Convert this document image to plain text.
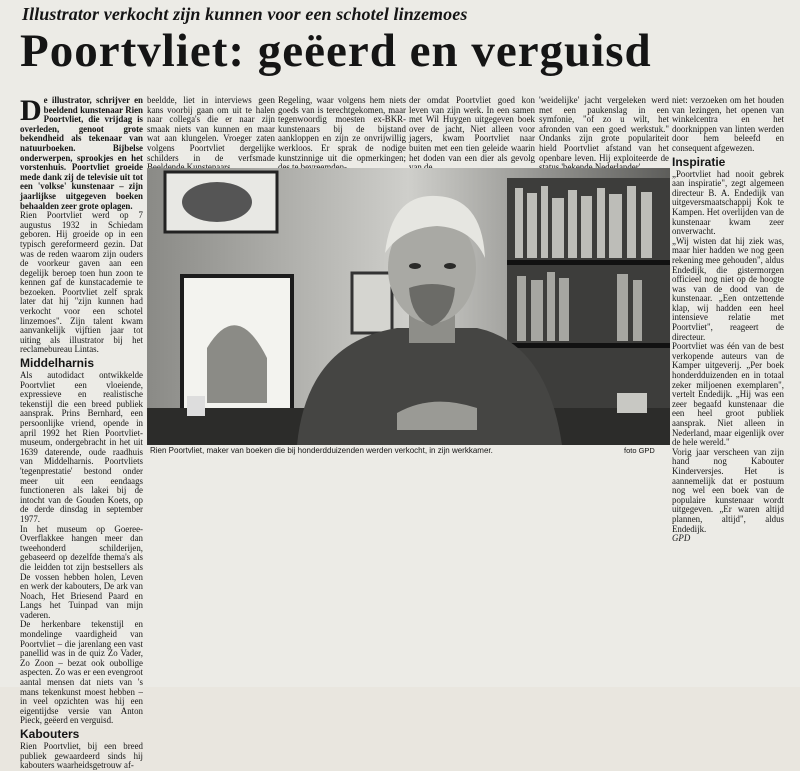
Illustrator verkocht zijn kunnen voor een schotel linzemoes
Poortvliet: geëerd en verguisd

De illustrator, schrijver en beeldend kunstenaar Rien Poortvliet, die vrijdag is overleden, genoot grote bekendheid als tekenaar van natuurboeken. Bijbelse onderwerpen, sprookjes en het vorstenhuis. Poortvliet groeide mede dank zij de televisie uit tot een 'volkse' kunstenaar – zijn jaarlijkse uitgegeven boeken behaalden zeer grote oplagen.

Rien Poortvliet werd op 7 augustus 1932 in Schiedam geboren. Hij groeide op in een typisch gereformeerd gezin. Dat was de reden waarom zijn ouders de voorkeur gaven aan een degelijk beroep toen hun zoon te kennen gaf de kunstacademie te bezoeken. Poortvliet zelf sprak later dat hij "zijn kunnen had verkocht voor een schotel linzemoes". Zijn talent kwam aanvankelijk vijftien jaar tot uiting als illustrator bij het reclamebureau Lintas.

Middelharnis

Als autodidact ontwikkelde Poortvliet een vloeiende, expressieve en realistische tekenstijl die een breed publiek aansprak. Prins Bernhard, een persoonlijke vriend, opende in april 1992 het Rien Poortvliet-museum, ondergebracht in het uit 1639 daterende, oude raadhuis van Middelharnis. Poortvliets 'tegenprestatie' bestond onder meer uit een eendaags functioneren als lakei bij de intocht van de Gouden Koets, op de derde dinsdag in september 1977.

In het museum op Goeree-Overflakkee hangen meer dan tweehonderd schilderijen, gebaseerd op dezelfde thema's als die leidden tot zijn bestsellers als De vossen hebben holen, Leven en werk der kabouters, De ark van Noach, Het Briesend Paard en Langs het Tuinpad van mijn vaderen.

De herkenbare tekenstijl en mondelinge vaardigheid van Poortvliet – die jarenlang een vast panellid was in de quiz Zo Vader, Zo Zoon – bezat ook oubollige aspecten. Zo was er een evengroot aantal mensen dat niets van 's mans tekenkunst moest hebben – in veel opzichten was hij een eigentijdse versie van Anton Pieck, geëerd en verguisd.

Kabouters

Rien Poortvliet, bij een breed publiek gewaardeerd sinds hij kabouters waarheidsgetrouw af-

beeldde, liet in interviews geen kans voorbij gaan om uit te halen naar collega's die er naar zijn smaak niets van kunnen en maar wat aan klungelen. Vroeger zaten volgens Poortvliet dergelijke schilders in de verfsmade

Regeling, waar volgens hem niets goeds van is terechtgekomen, maar tegenwoordig moesten ex-BKR-kunstenaars bij de bijstand aankloppen en zijn ze onvrijwillig werkloos. Er sprak de nodige kunstzinnige uit die opmerkingen;

der omdat Poortvliet goed kon leven van zijn werk. In een samen met Wil Huygen uitgegeven boek over de jacht, Niet alleen voor jagers, kwam Poortvliet naar buiten met een tien geleide waarin het doden van een dier als gevolg

'weidelijke' jacht vergeleken werd met een paukenslag in een symfonie, "of zo u wilt, het afronden van een goed werkstuk." Ondanks zijn grote populariteit hield Poortvliet afstand van het openbare leven. Hij exploiteerde de

niet: verzoeken om het houden van lezingen, het openen van winkelcentra en het doorknippen van linten werden door hem beleefd en consequent afgewezen.

Inspiratie

„Poortvliet had nooit gebrek aan inspiratie", zegt algemeen directeur B. A. Endedijk van uitgeversmaatschappij Kok te Kampen. Het overlijden van de kunstenaar kwam zeer onverwacht.

„Wij wisten dat hij ziek was, maar hier hadden we nog geen rekening mee gehouden", aldus Endedijk, die gistermorgen officieel nog niet op de hoogte was van de dood van de kunstenaar. „Een ontzettende klap, wij hadden een heel intensieve relatie met Poortvliet", reageert de directeur.

Poortvliet was één van de best verkopende auteurs van de Kamper uitgeverij. „Per boek honderdduizenden en in totaal zeker miljoenen exemplaren", vertelt Endedijk. „Hij was een zeer begaafd kunstenaar die een heel groot publiek aansprak. Niet alleen in Nederland, maar eigenlijk over de hele wereld."

Vorig jaar verscheen van zijn hand nog Kabouter Kinderversjes. Het is aannemelijk dat er postuum nog wel een boek van de populaire kunstenaar wordt uitgegeven. „Er waren altijd plannen, altijd", aldus Endedijk.

GPD

Rien Poortvliet, maker van boeken die bij honderdduizenden werden verkocht, in zijn werkkamer.	foto GPD
